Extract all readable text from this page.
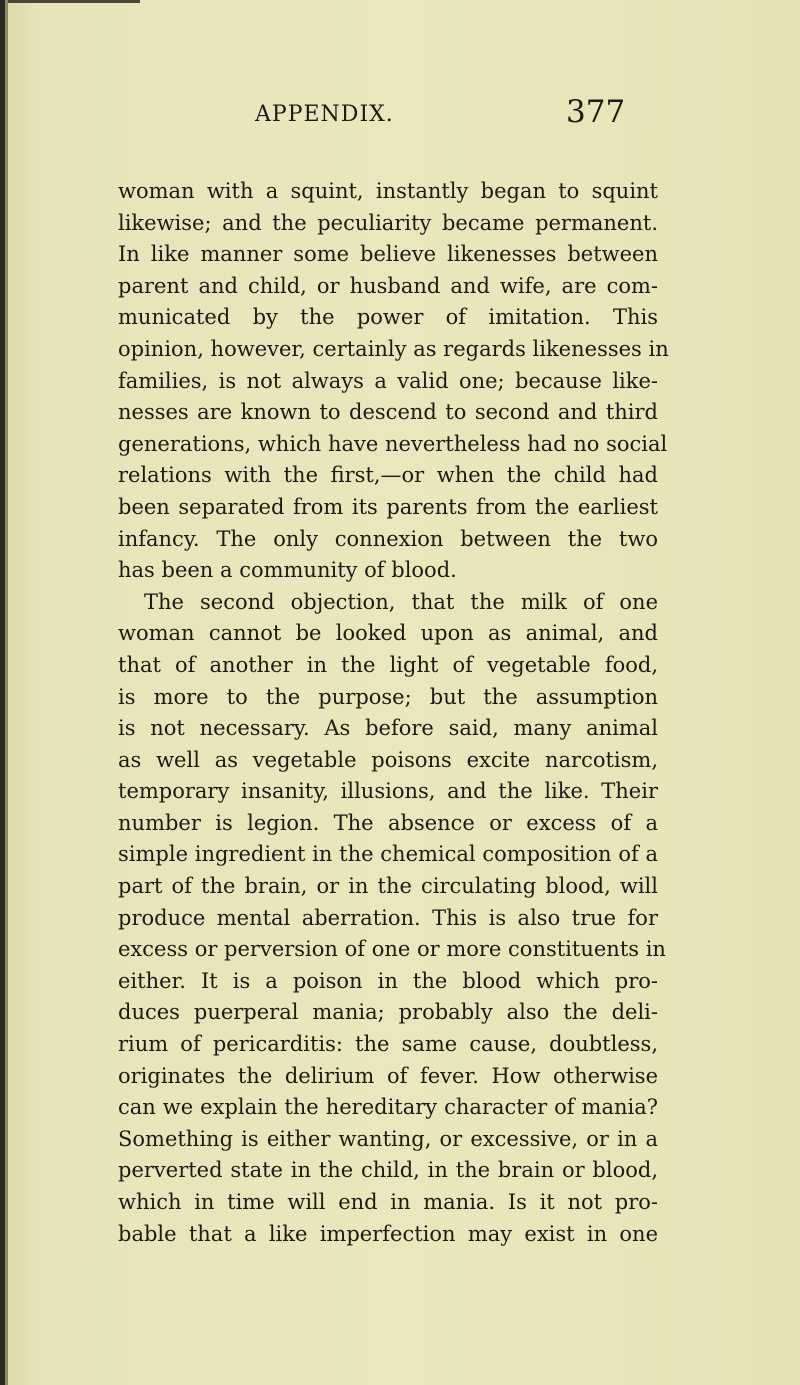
APPENDIX.	377
woman with a squint, instantly began to squint
likewise; and the peculiarity became permanent.
In like manner some believe likenesses between
parent and child, or husband and wife, are com-
municated by the power of imitation. This
opinion, however, certainly as regards likenesses in
families, is not always a valid one; because like-
nesses are known to descend to second and third
generations, which have nevertheless had no social
relations with the first,—or when the child had
been separated from its parents from the earliest
infancy. The only connexion between the two
has been a community of blood.
The second objection, that the milk of one
woman cannot be looked upon as animal, and
that of another in the light of vegetable food,
is more to the purpose; but the assumption
is not necessary. As before said, many animal
as well as vegetable poisons excite narcotism,
temporary insanity, illusions, and the like. Their
number is legion. The absence or excess of a
simple ingredient in the chemical composition of a
part of the brain, or in the circulating blood, will
produce mental aberration. This is also true for
excess or perversion of one or more constituents in
either. It is a poison in the blood which pro-
duces puerperal mania; probably also the deli-
rium of pericarditis: the same cause, doubtless,
originates the delirium of fever. How otherwise
can we explain the hereditary character of mania?
Something is either wanting, or excessive, or in a
perverted state in the child, in the brain or blood,
which in time will end in mania. Is it not pro-
bable that a like imperfection may exist in one
